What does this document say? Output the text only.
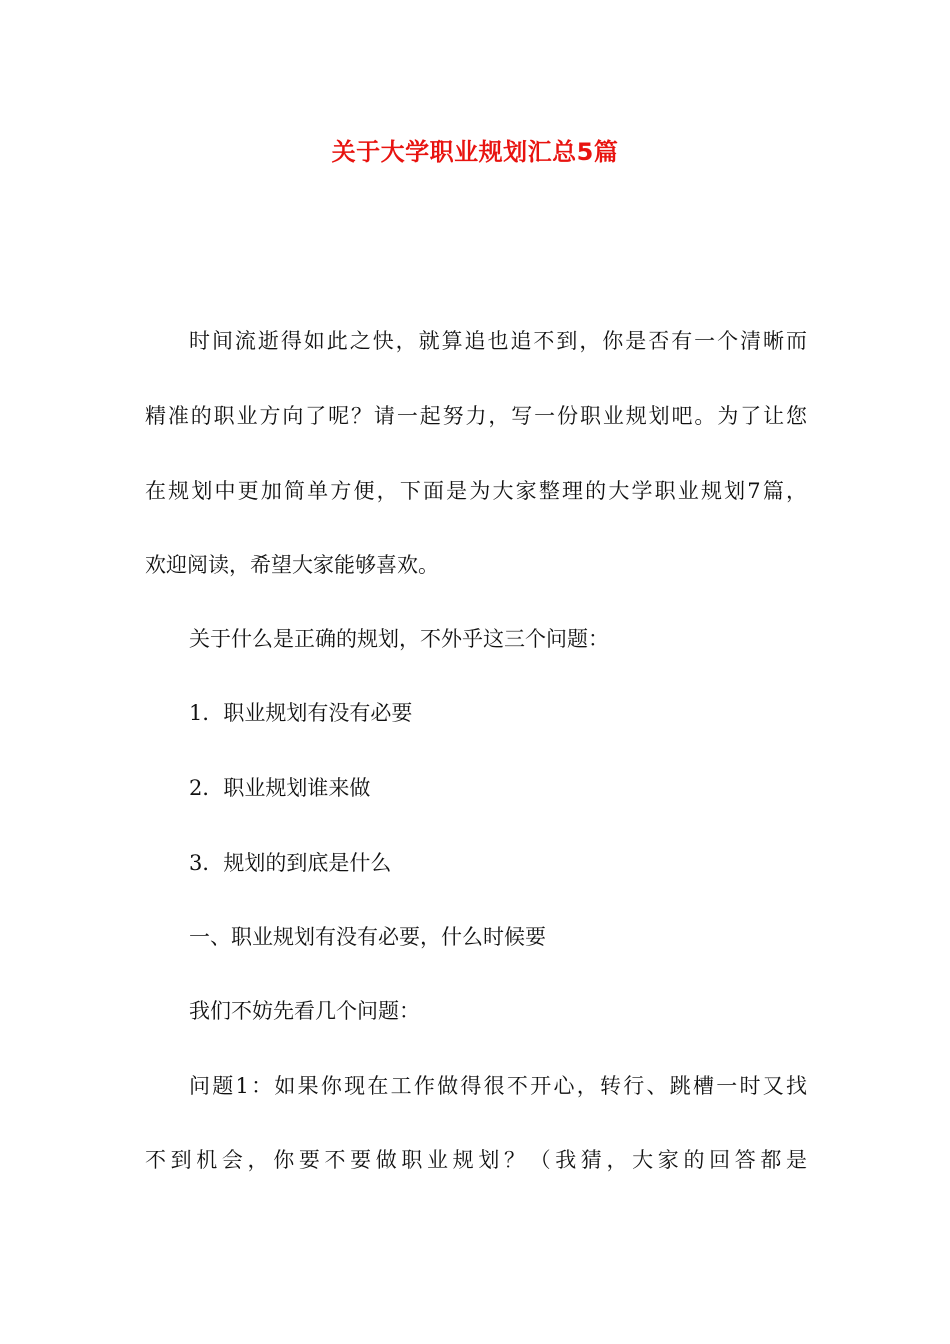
关于大学职业规划汇总5篇
时间流逝得如此之快，就算追也追不到，你是否有一个清晰而
精准的职业方向了呢？请一起努力，写一份职业规划吧。为了让您
在规划中更加简单方便，下面是为大家整理的大学职业规划7篇，
欢迎阅读，希望大家能够喜欢。
关于什么是正确的规划，不外乎这三个问题：
1．职业规划有没有必要
2．职业规划谁来做
3．规划的到底是什么
一、职业规划有没有必要，什么时候要
我们不妨先看几个问题：
问题1：如果你现在工作做得很不开心，转行、跳槽一时又找
不到机会，你要不要做职业规划？（我猜，大家的回答都是
